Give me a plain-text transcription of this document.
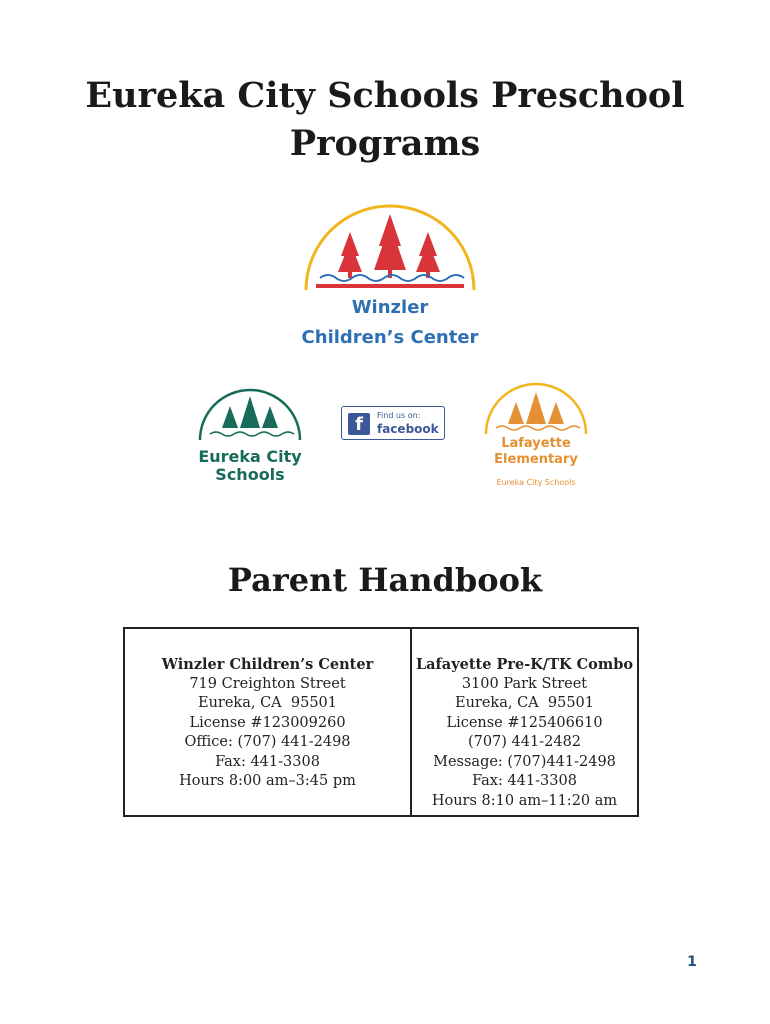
Eureka City Schools Preschool
Programs
Winzler
Children’s Center
Eureka City
Schools
f	Find us on:
facebook
Lafayette
Elementary
Eureka City Schools
Parent Handbook
Winzler Children’s Center
719 Creighton Street
Eureka, CA  95501
License #123009260
Office: (707) 441-2498
Fax: 441-3308
Hours 8:00 am–3:45 pm
Lafayette Pre-K/TK Combo
3100 Park Street
Eureka, CA  95501
License #125406610
(707) 441-2482
Message: (707)441-2498
Fax: 441-3308
Hours 8:10 am–11:20 am
1
